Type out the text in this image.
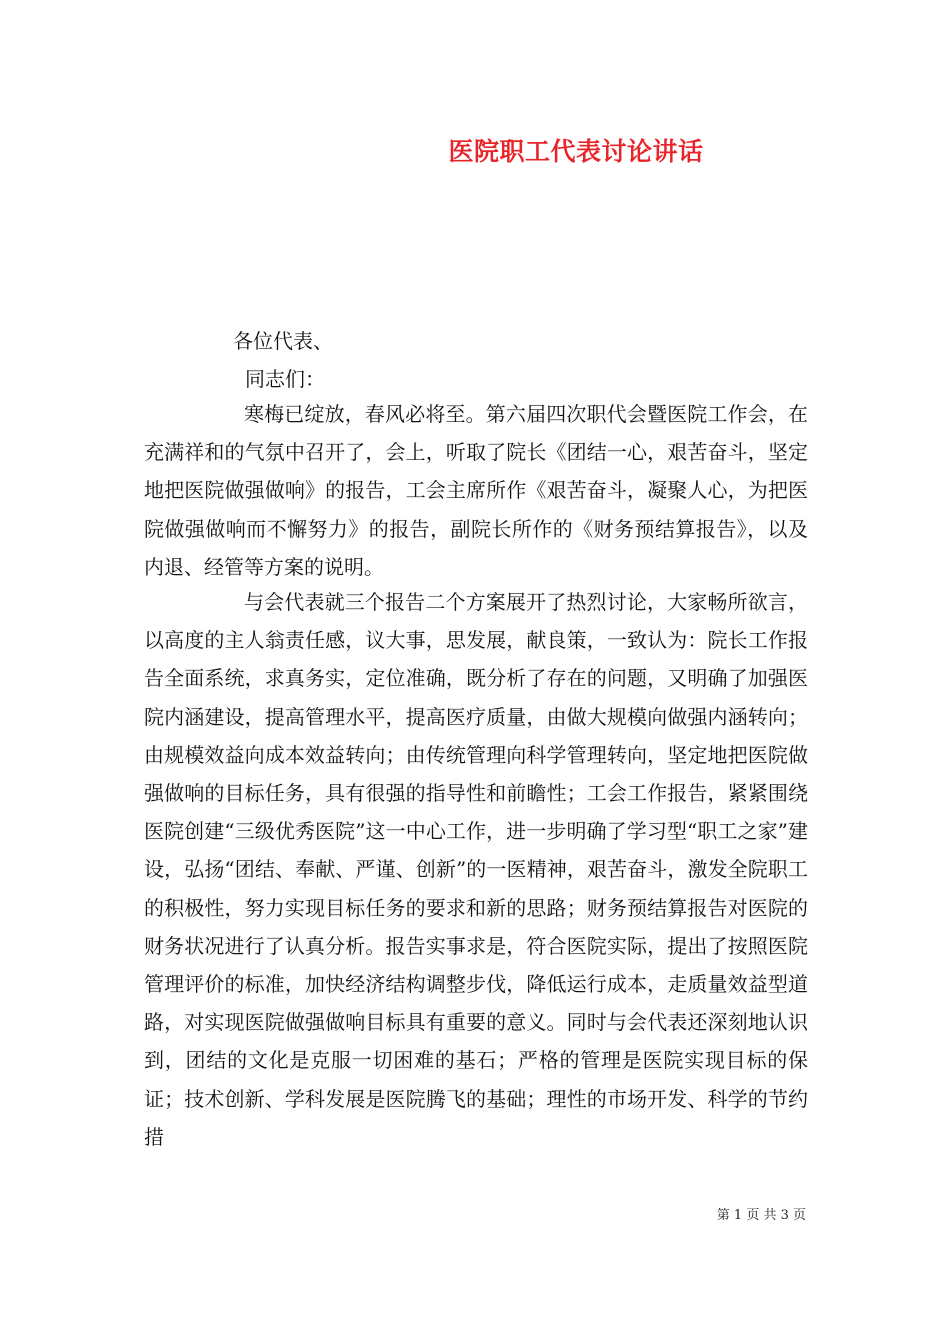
医院职工代表讨论讲话
各位代表、
同志们：

寒梅已绽放，春风必将至。第六届四次职代会暨医院工作会，在充满祥和的气氛中召开了，会上，听取了院长《团结一心，艰苦奋斗，坚定地把医院做强做响》的报告，工会主席所作《艰苦奋斗，凝聚人心，为把医院做强做响而不懈努力》的报告，副院长所作的《财务预结算报告》，以及内退、经管等方案的说明。

与会代表就三个报告二个方案展开了热烈讨论，大家畅所欲言，以高度的主人翁责任感，议大事，思发展，献良策，一致认为：院长工作报告全面系统，求真务实，定位准确，既分析了存在的问题，又明确了加强医院内涵建设，提高管理水平，提高医疗质量，由做大规模向做强内涵转向；由规模效益向成本效益转向；由传统管理向科学管理转向，坚定地把医院做强做响的目标任务，具有很强的指导性和前瞻性；工会工作报告，紧紧围绕医院创建“三级优秀医院”这一中心工作，进一步明确了学习型“职工之家”建设，弘扬“团结、奉献、严谨、创新”的一医精神，艰苦奋斗，激发全院职工的积极性，努力实现目标任务的要求和新的思路；财务预结算报告对医院的财务状况进行了认真分析。报告实事求是，符合医院实际，提出了按照医院管理评价的标准，加快经济结构调整步伐，降低运行成本，走质量效益型道路，对实现医院做强做响目标具有重要的意义。同时与会代表还深刻地认识到，团结的文化是克服一切困难的基石；严格的管理是医院实现目标的保证；技术创新、学科发展是医院腾飞的基础；理性的市场开发、科学的节约措

第 1 页 共 3 页
